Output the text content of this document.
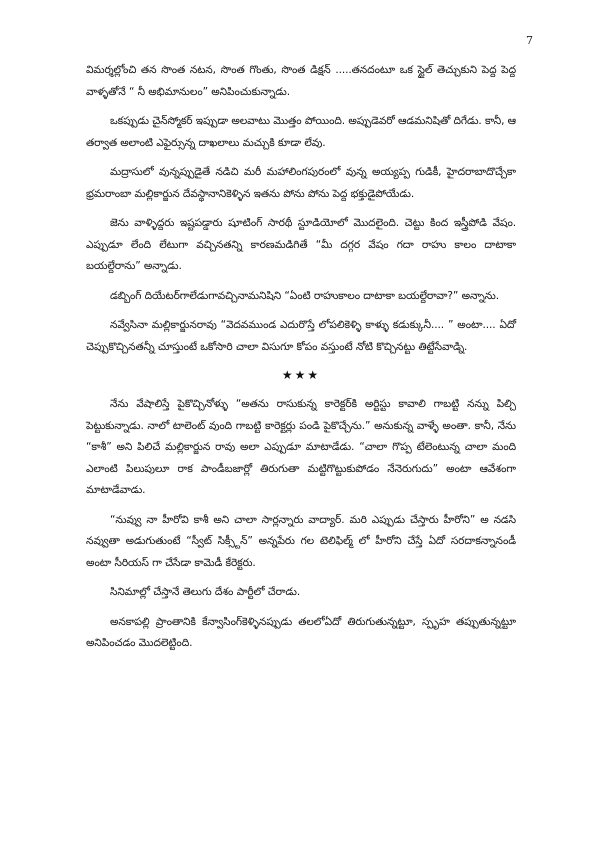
7

విమర్శల్లోంచి తన సొంత నటన, సొంత గొంతు, సొంత డిక్షన్ .....తనదంటూ ఒక స్టైల్ తెచ్చుకుని పెద్ద పెద్ద వాళ్ళతోనే “ నీ అభిమానులం” అనిపించుకున్నాడు.

ఒకప్పుడు చైన్‌స్మోకర్ ఇప్పుడా అలవాటు మొత్తం పోయింది. అప్పుడెవరో ఆడమనిషితో దిగేడు. కానీ, ఆ తర్వాత అలాంటి ఎఫైర్సున్న దాఖలాలు మచ్చుకి కూడా లేవు.

మద్రాసులో వున్నప్పుడైతే నడిచి మరీ మహాలింగపురంలో వున్న అయ్యప్ప గుడికీ, హైదరాబాదొచ్చేకా భ్రమరాంబా మల్లికార్జున దేవస్థానానికెళ్ళిన ఇతను పోను పోను పెద్ద భక్తుడైపోయేడు.

జెను వాళ్ళిద్దరు ఇష్టపడ్డారు షూటింగ్ సారథీ స్టూడియోలో మొదలైంది. చెట్టు కింద ఇస్త్రీపోడి వేషం. ఎప్పుడూ లేంది లేటుగా వచ్చినతన్ని కారణమడిగితే “మీ దగ్గర వేషం గదా రాహు కాలం దాటాకా బయల్దేరాను” అన్నాడు.

డబ్బింగ్ దియేటర్‌గాలేడుగావచ్చినామనిషిని “ఏంటి రాహుకాలం దాటాకా బయల్దేరావా?” అన్నాను.

నవ్వేసినా మల్లికార్జునరావు “వెదవముండ ఎదురొస్తే లోపలికెళ్ళి కాళ్ళు కడుక్కునీ.... ” అంటా.... ఏదో చెప్పుకొచ్చినతన్నీ చూస్తుంటే ఒకోసారి చాలా విసుగూ కోపం వస్తుంటే నోటి కొచ్చినట్టు తిట్టేసేవాడ్ని.

★★★

నేను వేషాలిస్తే పైకొచ్చినోళ్ళు “అతను రాసుకున్న కారెక్టర్‌కి అర్టిస్టు కావాలి గాబట్టి నన్ను పిల్చి పెట్టుకున్నాడు. నాలో టాలెంట్ వుంది గాబట్టి కారెక్టర్లు పండి పైకొచ్చేను.” అనుకున్న వాళ్ళే అంతా. కానీ, నేను “కాశీ” అని పిలిచే మల్లికార్జున రావు అలా ఎప్పుడూ మాటాడేడు. “చాలా గొప్ప టేలెంటున్న చాలా మంది ఎలాంటి పిలుపులూ రాక పాండీబజార్లో తిరుగుతా మట్టిగొట్టుకుపోడం నేనెరుగుదు” అంటా ఆవేశంగా మాటాడేవాడు.

“నువ్వు నా హీరోవి కాశీ అని చాలా సార్లన్నారు వాద్యార్. మరి ఎప్పుడు చేస్తారు హీరోని” అ నడసి నవ్వుతా అడుగుతుంటే “స్వీట్ సిక్స్టీన్” అన్నపేరు గల టెలిఫిల్మ్ లో హీరోని చేస్తే ఏదో సరదాకన్నానండీ అంటా సీరియస్ గా చేసేడా కామెడీ కేరెక్టరు.

సినిమాల్లో చేస్తానే తెలుగు దేశం పార్టీలో చేరాడు.

అనకాపల్లి ప్రాంతానికి కేన్వాసింగ్‌కెళ్ళినప్పుడు తలలోఏదో తిరుగుతున్నట్టూ, స్పృహ తప్పుతున్నట్టూ అనిపించడం మొదలెట్టింది.
